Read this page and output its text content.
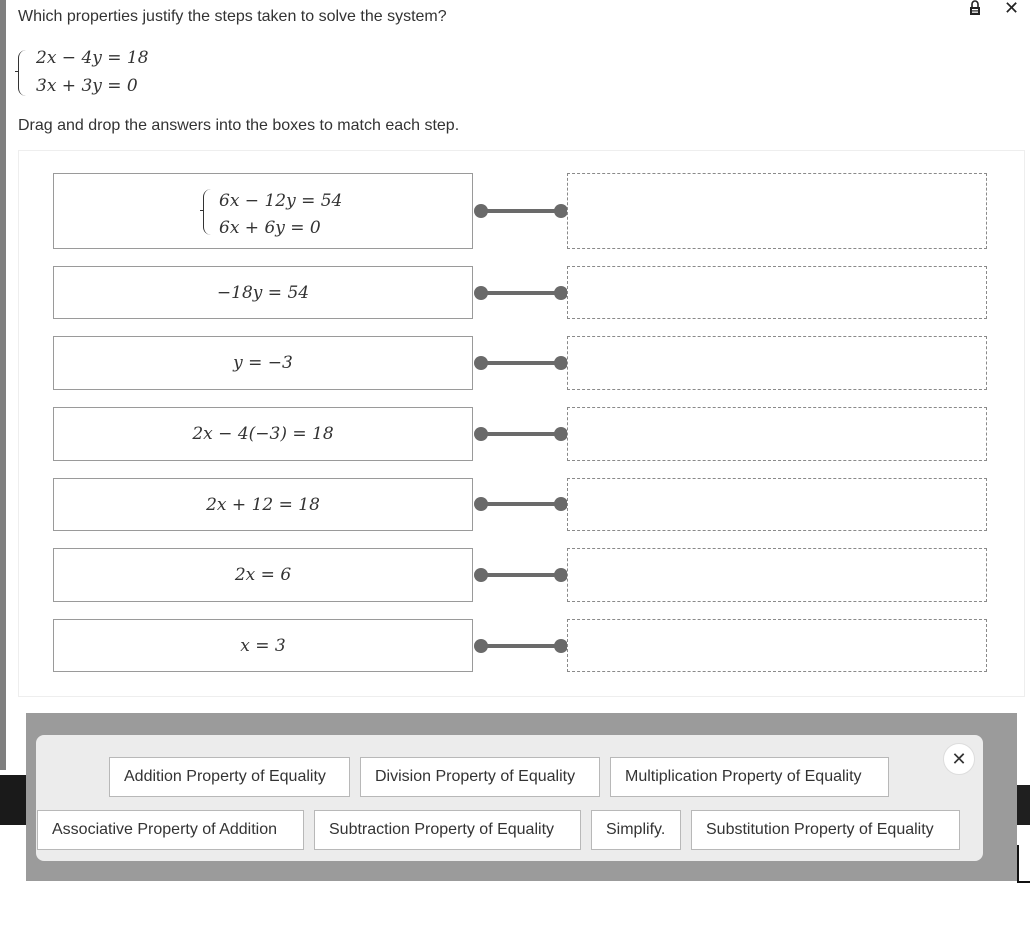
Which properties justify the steps taken to solve the system?	✕
2x − 4y = 18
3x + 3y = 0
Drag and drop the answers into the boxes to match each step.
6x − 12y = 54
6x + 6y = 0
−18y = 54
y = −3
2x − 4(−3) = 18
2x + 12 = 18
2x = 6
x = 3
Addition Property of Equality	Division Property of Equality	Multiplication Property of Equality
Associative Property of Addition	Subtraction Property of Equality	Simplify.	Substitution Property of Equality
✕
